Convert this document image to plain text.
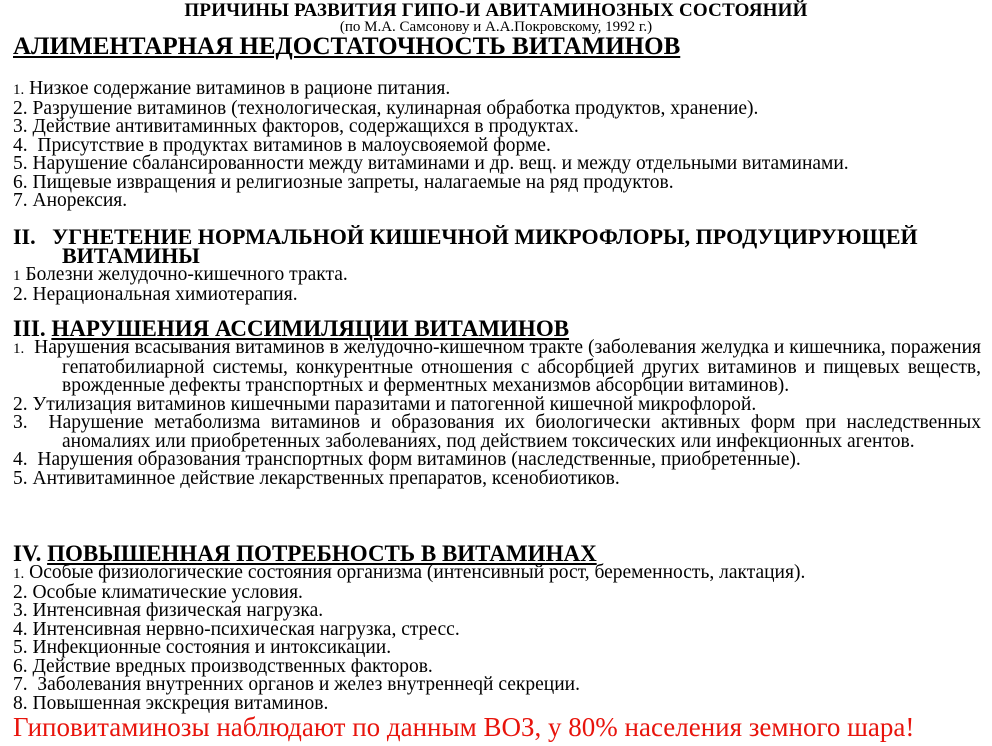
ПРИЧИНЫ РАЗВИТИЯ ГИПО-И АВИТАМИНОЗНЫХ СОСТОЯНИЙ
(по М.А. Самсонову и А.А.Покровскому, 1992 г.)
АЛИМЕНТАРНАЯ НЕДОСТАТОЧНОСТЬ ВИТАМИНОВ
1. Низкое содержание витаминов в рационе питания.
2. Разрушение витаминов (технологическая, кулинарная обработка продуктов, хранение).
3. Действие антивитаминных факторов, содержащихся в продуктах.
4.  Присутствие в продуктах витаминов в малоусвояемой форме.
5. Нарушение сбалансированности между витаминами и др. вещ. и между отдельными витаминами.
6. Пищевые извращения и религиозные запреты, налагаемые на ряд продуктов.
7. Анорексия.
II. УГНЕТЕНИЕ НОРМАЛЬНОЙ КИШЕЧНОЙ МИКРОФЛОРЫ, ПРОДУЦИРУЮЩЕЙ
ВИТАМИНЫ
1 Болезни желудочно-кишечного тракта.
2. Нерациональная химиотерапия.
III. НАРУШЕНИЯ АССИМИЛЯЦИИ ВИТАМИНОВ
1.  Нарушения всасывания витаминов в желудочно-кишечном тракте (заболевания желудка и кишечника, поражения гепатобилиарной системы, конкурентные отношения с абсорбцией других витаминов и пищевых веществ, врожденные дефекты транспортных и ферментных механизмов абсорбции витаминов).
2. Утилизация витаминов кишечными паразитами и патогенной кишечной микрофлорой.
3.  Нарушение метаболизма витаминов и образования их биологически активных форм при наследственных аномалиях или приобретенных заболеваниях, под действием токсических или инфекционных агентов.
4.  Нарушения образования транспортных форм витаминов (наследственные, приобретенные).
5. Антивитаминное действие лекарственных препаратов, ксенобиотиков.
IV. ПОВЫШЕННАЯ ПОТРЕБНОСТЬ В ВИТАМИНАХ
1. Особые физиологические состояния организма (интенсивный рост, беременность, лактация).
2. Особые климатические условия.
3. Интенсивная физическая нагрузка.
4. Интенсивная нервно-психическая нагрузка, стресс.
5. Инфекционные состояния и интоксикации.
6. Действие вредных производственных факторов.
7.  Заболевания внутренних органов и желез внутреннеqй секреции.
8. Повышенная экскреция витаминов.
Гиповитаминозы наблюдают по данным ВОЗ, у 80% населения земного шара!
